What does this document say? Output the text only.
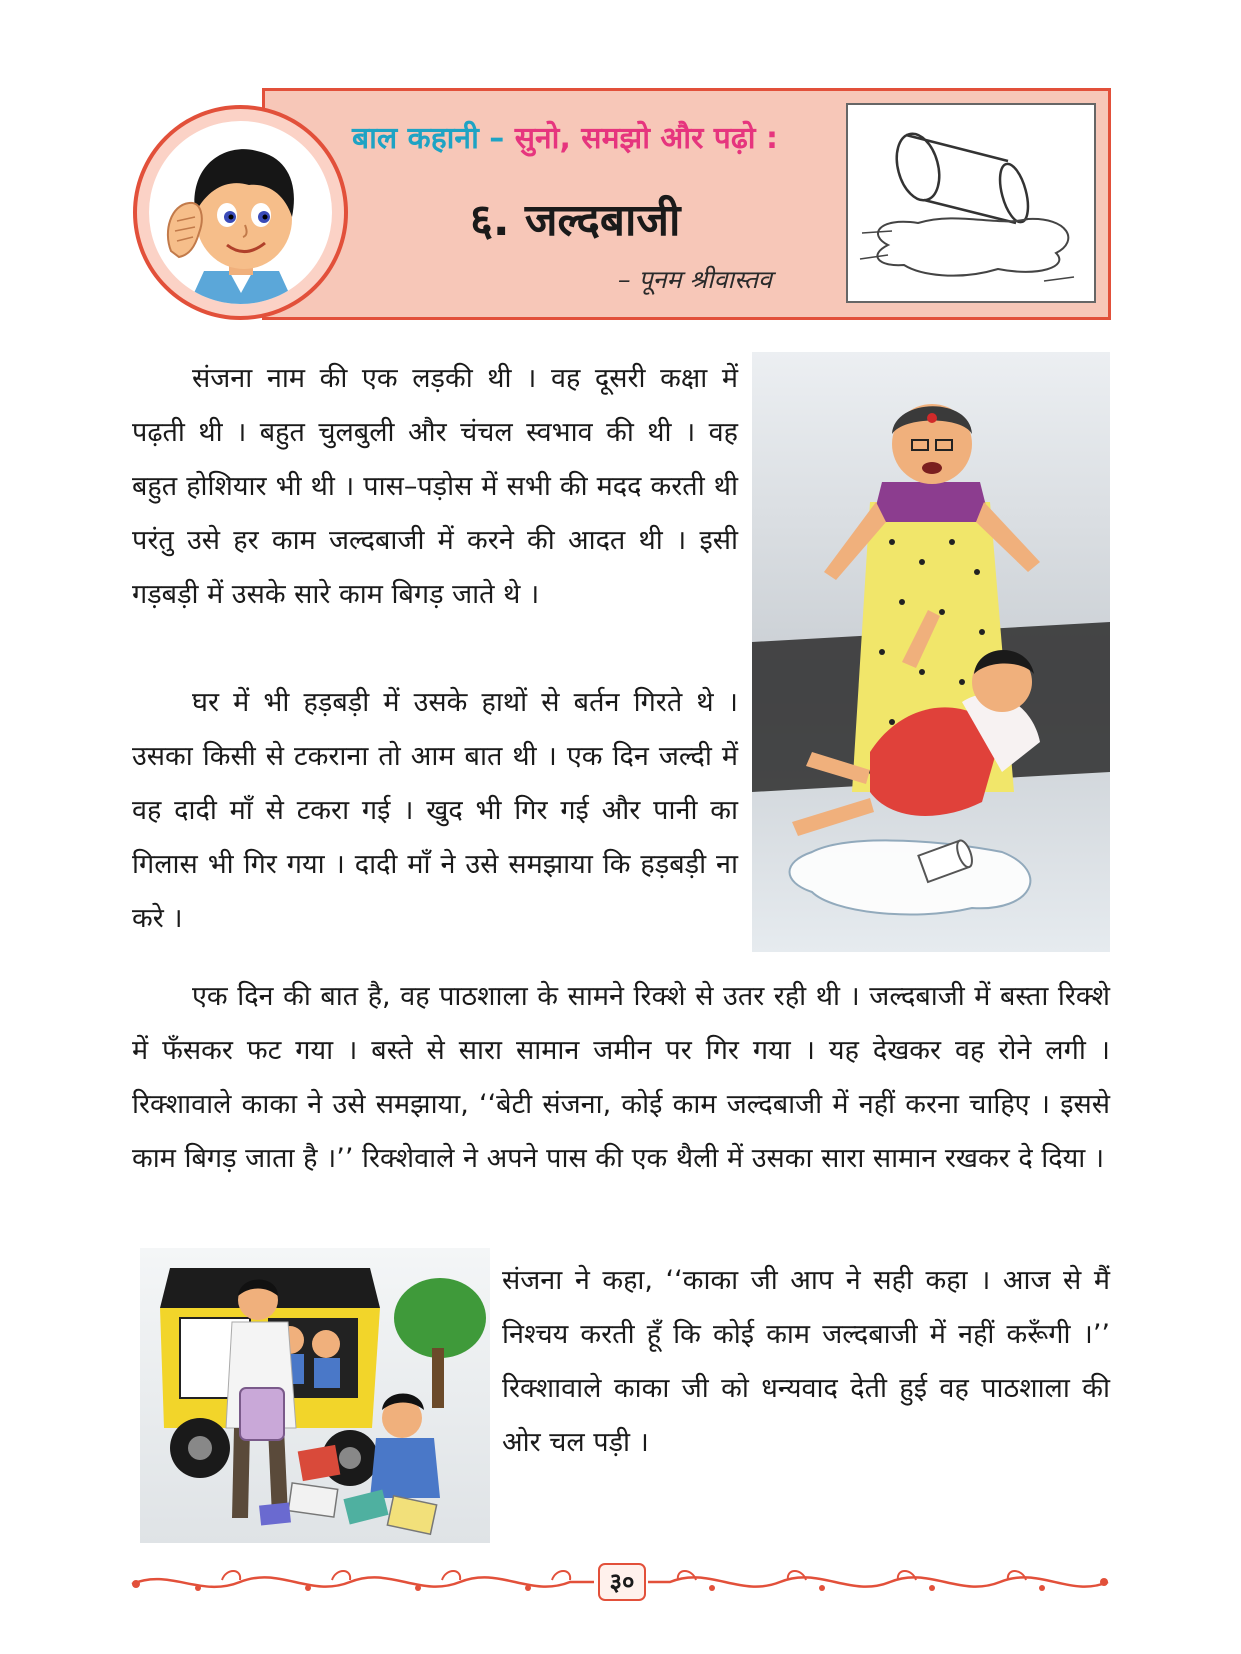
बाल कहानी – सुनो, समझो और पढ़ो :
६. जल्दबाजी
– पूनम श्रीवास्तव

संजना नाम की एक लड़की थी । वह दूसरी कक्षा में पढ़ती थी । बहुत चुलबुली और चंचल स्वभाव की थी । वह बहुत होशियार भी थी । पास–पड़ोस में सभी की मदद करती थी परंतु उसे हर काम जल्दबाजी में करने की आदत थी । इसी गड़बड़ी में उसके सारे काम बिगड़ जाते थे ।

घर में भी हड़बड़ी में उसके हाथों से बर्तन गिरते थे । उसका किसी से टकराना तो आम बात थी । एक दिन जल्दी में वह दादी माँ से टकरा गई । खुद भी गिर गई और पानी का गिलास भी गिर गया । दादी माँ ने उसे समझाया कि हड़बड़ी ना करे ।

एक दिन की बात है, वह पाठशाला के सामने रिक्शे से उतर रही थी । जल्दबाजी में बस्ता रिक्शे में फँसकर फट गया । बस्ते से सारा सामान जमीन पर गिर गया । यह देखकर वह रोने लगी । रिक्शावाले काका ने उसे समझाया, ‘‘बेटी संजना, कोई काम जल्दबाजी में नहीं करना चाहिए । इससे काम बिगड़ जाता है ।’’ रिक्शेवाले ने अपने पास की एक थैली में उसका सारा सामान रखकर दे दिया ।

संजना ने कहा, ‘‘काका जी आप ने सही कहा । आज से मैं निश्चय करती हूँ कि कोई काम जल्दबाजी में नहीं करूँगी ।’’ रिक्शावाले काका जी को धन्यवाद देती हुई वह पाठशाला की ओर चल पड़ी ।

३०
